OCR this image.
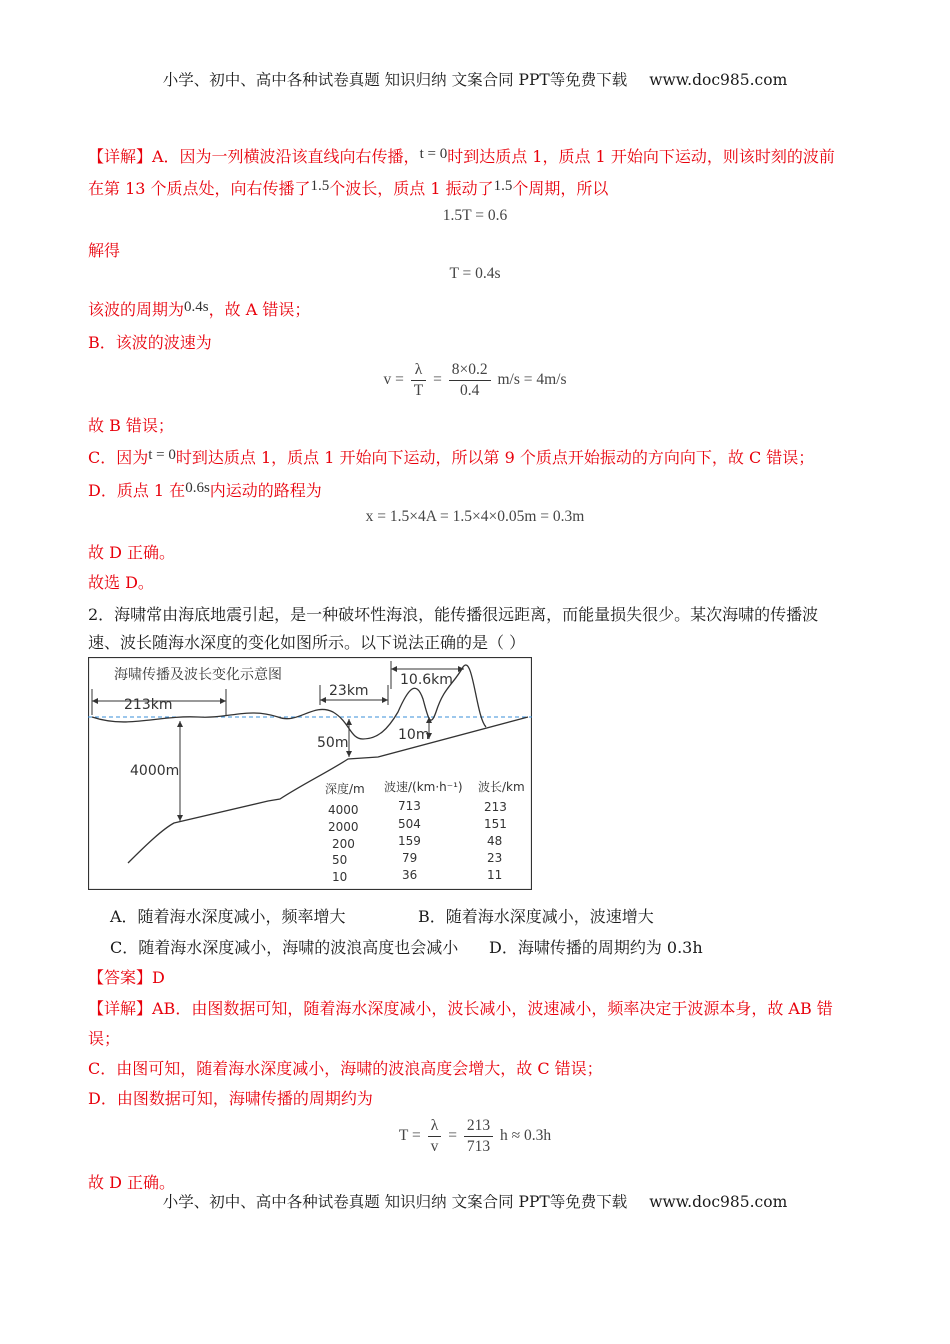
小学、初中、高中各种试卷真题 知识归纳 文案合同 PPT等免费下载 www.doc985.com
【详解】A．因为一列横波沿该直线向右传播，t = 0时到达质点 1，质点 1 开始向下运动，则该时刻的波前
在第 13 个质点处，向右传播了1.5个波长，质点 1 振动了1.5个周期，所以
1.5T = 0.6
解得
T = 0.4s
该波的周期为0.4s，故 A 错误；
B．该波的波速为
$v = \frac{\lambda}{T} = \frac{8\times 0.2}{0.4} m/s = 4m/s$
故 B 错误；
C．因为t = 0时到达质点 1，质点 1 开始向下运动，所以第 9 个质点开始振动的方向向下，故 C 错误；
D．质点 1 在0.6s内运动的路程为
x = 1.5×4A = 1.5×4×0.05m = 0.3m
故 D 正确。
故选 D。
2．海啸常由海底地震引起，是一种破坏性海浪，能传播很远距离，而能量损失很少。某次海啸的传播波
速、波长随海水深度的变化如图所示。以下说法正确的是（ ）
海啸传播及波长变化示意图
213km
23km
10.6km
4000m
50m	10m
深度/m 波速/(km·h⁻¹) 波长/km
4000	713	213
2000	504	151
200	159	48
50	79	23
10	36	11
A．随着海水深度减小，频率增大	B．随着海水深度减小，波速增大
C．随着海水深度减小，海啸的波浪高度也会减小 D．海啸传播的周期约为 0.3h
【答案】D
【详解】AB．由图数据可知，随着海水深度减小，波长减小，波速减小，频率决定于波源本身，故 AB 错
误；
C．由图可知，随着海水深度减小，海啸的波浪高度会增大，故 C 错误；
D．由图数据可知，海啸传播的周期约为
$T = \frac{\lambda}{v} = \frac{213}{713}$ h ≈ 0.3h
故 D 正确。
小学、初中、高中各种试卷真题 知识归纳 文案合同 PPT等免费下载 www.doc985.com
